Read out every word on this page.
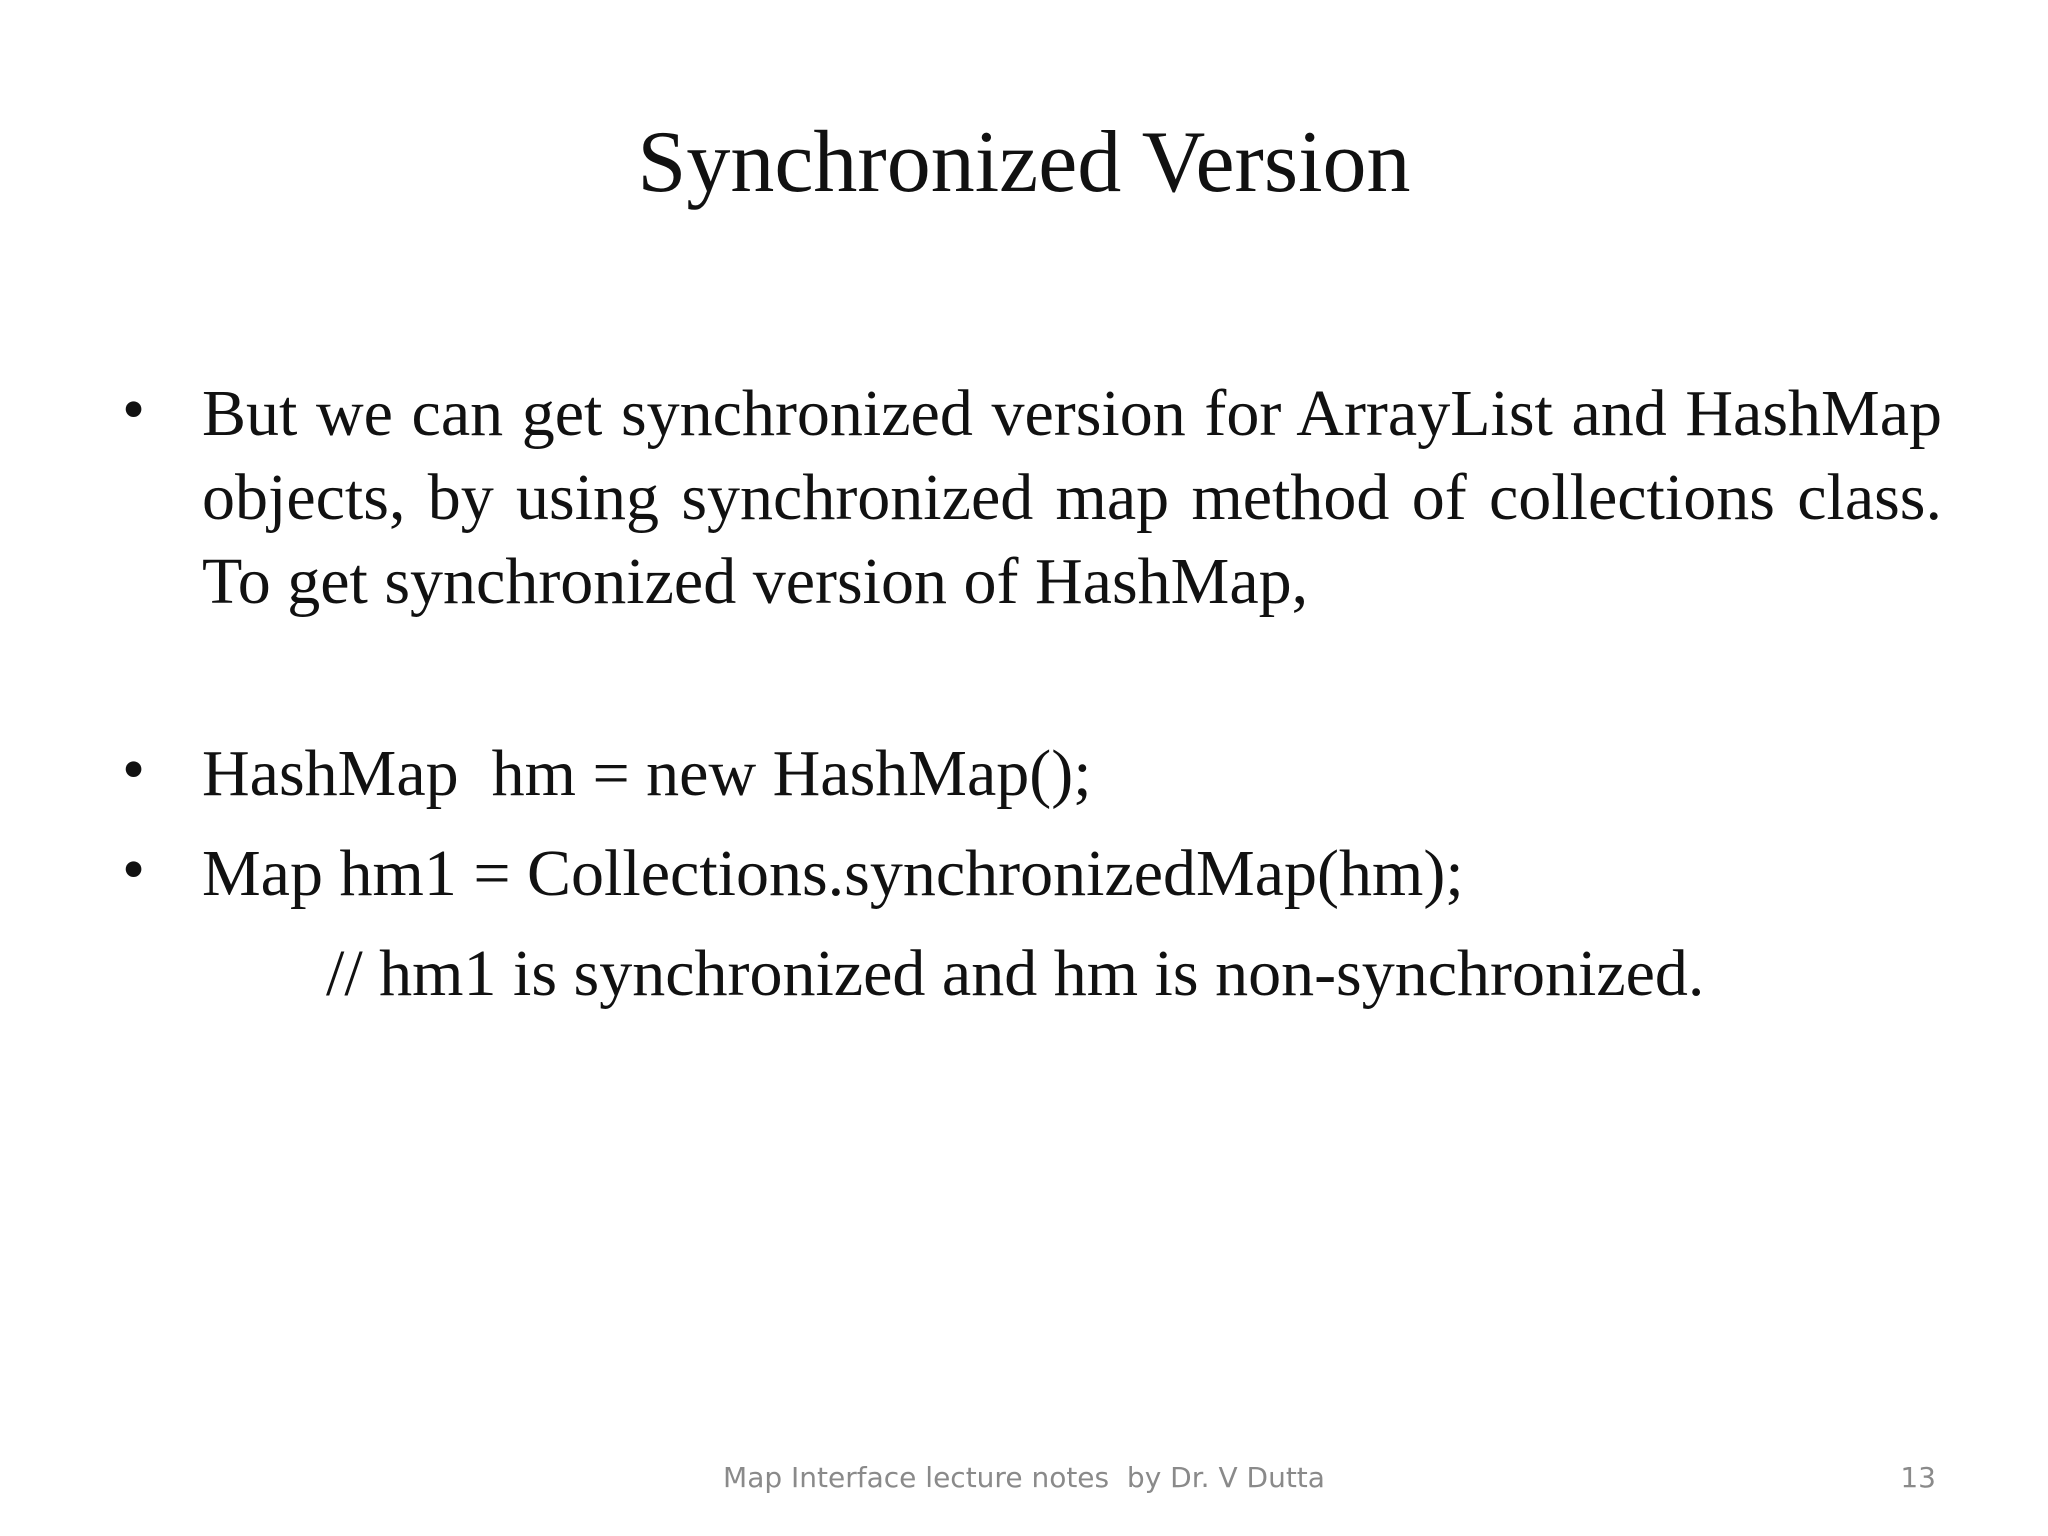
Synchronized Version
• But we can get synchronized version for ArrayList and HashMap objects, by using synchronized map method of collections class. To get synchronized version of HashMap,
• HashMap  hm = new HashMap();
• Map hm1 = Collections.synchronizedMap(hm);
// hm1 is synchronized and hm is non-synchronized.
Map Interface lecture notes  by Dr. V Dutta	13
